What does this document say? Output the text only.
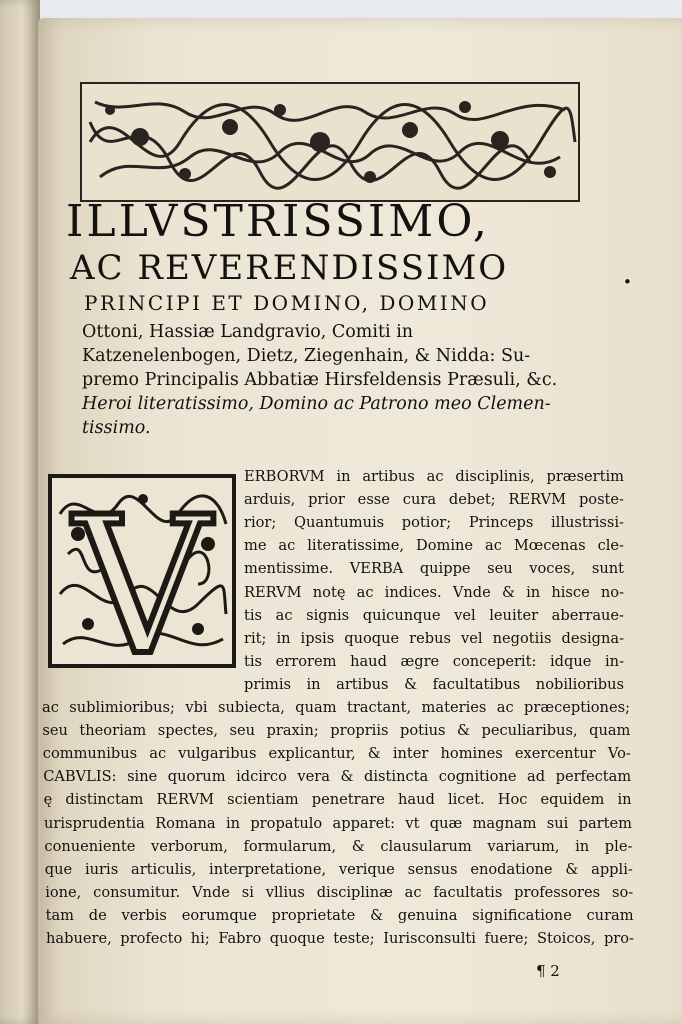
ILLVSTRISSIMO,
AC REVERENDISSIMO	.
PRINCIPI ET DOMINO, DOMINO
Ottoni, Hassiæ Landgravio, Comiti in
Katzenelenbogen, Dietz, Ziegenhain, & Nidda: Su-
premo Principalis Abbatiæ Hirsfeldensis Præsuli, &c.
Heroi literatissimo, Domino ac Patrono meo Clemen-
tissimo.
V ERBORVM in artibus ac disciplinis, præsertim
arduis, prior esse cura debet; RERVM poste-
rior; Quantumuis potior; Princeps illustrissi-
me ac literatissime, Domine ac Mœcenas cle-
mentissime. VERBA quippe seu voces, sunt
RERVM notę ac indices. Vnde & in hisce no-
tis ac signis quicunque vel leuiter aberraue-
rit; in ipsis quoque rebus vel negotiis designa-
tis errorem haud ægre conceperit: idque in-
primis in artibus & facultatibus nobilioribus
ac sublimioribus; vbi subiecta, quam tractant, materies ac præceptiones;
seu theoriam spectes, seu praxin; propriis potius & peculiaribus, quam
communibus ac vulgaribus explicantur, & inter homines exercentur Vo-
CABVLIS: sine quorum idcirco vera & distincta cognitione ad perfectam
ę distinctam RERVM scientiam penetrare haud licet. Hoc equidem in
urisprudentia Romana in propatulo apparet: vt quæ magnam sui partem
conueniente verborum, formularum, & clausularum variarum, in ple-
que iuris articulis, interpretatione, verique sensus enodatione & appli-
ione, consumitur. Vnde si vllius disciplinæ ac facultatis professores so-
tam de verbis eorumque proprietate & genuina significatione curam
habuere, profecto hi; Fabro quoque teste; Iurisconsulti fuere; Stoicos, pro-
¶ 2
